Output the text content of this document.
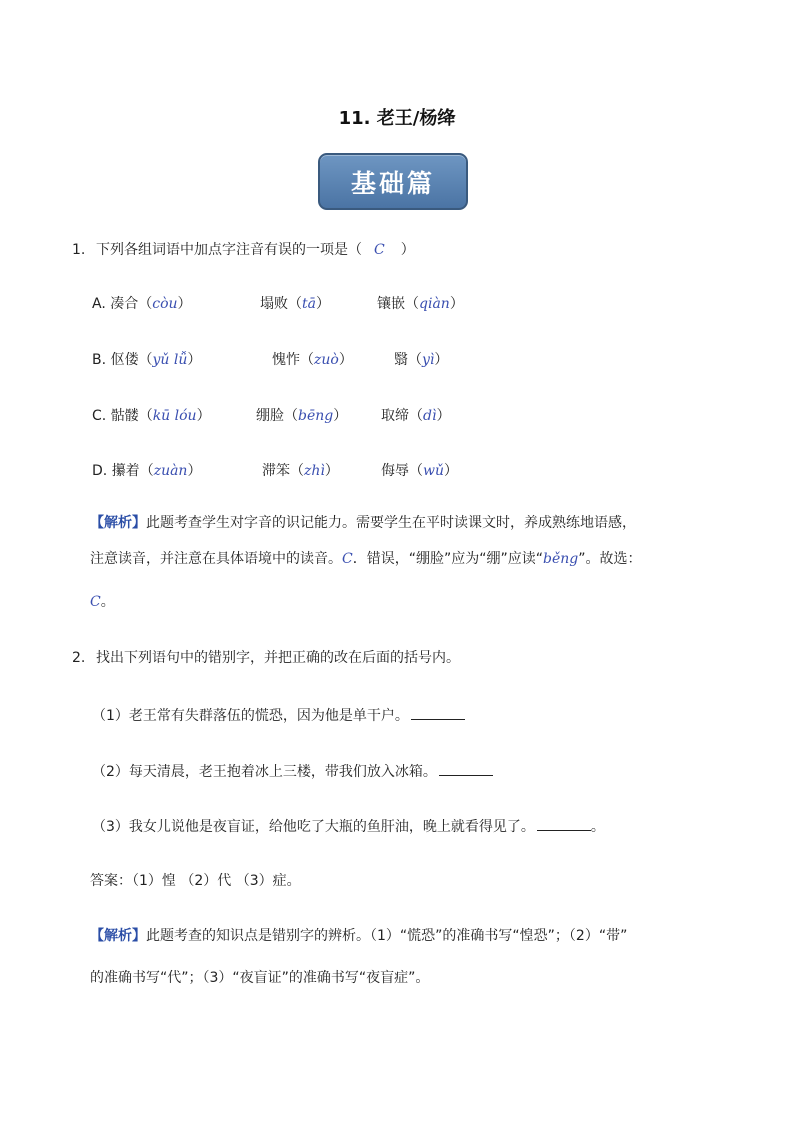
11. 老王/杨绛
基础篇
1. 下列各组词语中加点字注音有误的一项是（ C ）
A. 凑合（còu）	塌败（tā）	镶嵌（qiàn）
B. 伛偻（yǔ lǚ）	愧怍（zuò）	翳（yì）
C. 骷髅（kū lóu）	绷脸（bēng） 取缔（dì）
D. 攥着（zuàn）	滞笨（zhì）	侮辱（wǔ）
【解析】此题考查学生对字音的识记能力。需要学生在平时读课文时，养成熟练地语感，
注意读音，并注意在具体语境中的读音。C．错误，“绷脸”应为“绷”应读“běng”。故选：
C。
2. 找出下列语句中的错别字，并把正确的改在后面的括号内。
（1）老王常有失群落伍的慌恐，因为他是单干户。
（2）每天清晨，老王抱着冰上三楼，带我们放入冰箱。
（3）我女儿说他是夜盲证，给他吃了大瓶的鱼肝油，晚上就看得见了。	。
答案：（1）惶 （2）代 （3）症。
【解析】此题考查的知识点是错别字的辨析。（1）“慌恐”的准确书写“惶恐”；（2）“带”
的准确书写“代”；（3）“夜盲证”的准确书写“夜盲症”。
